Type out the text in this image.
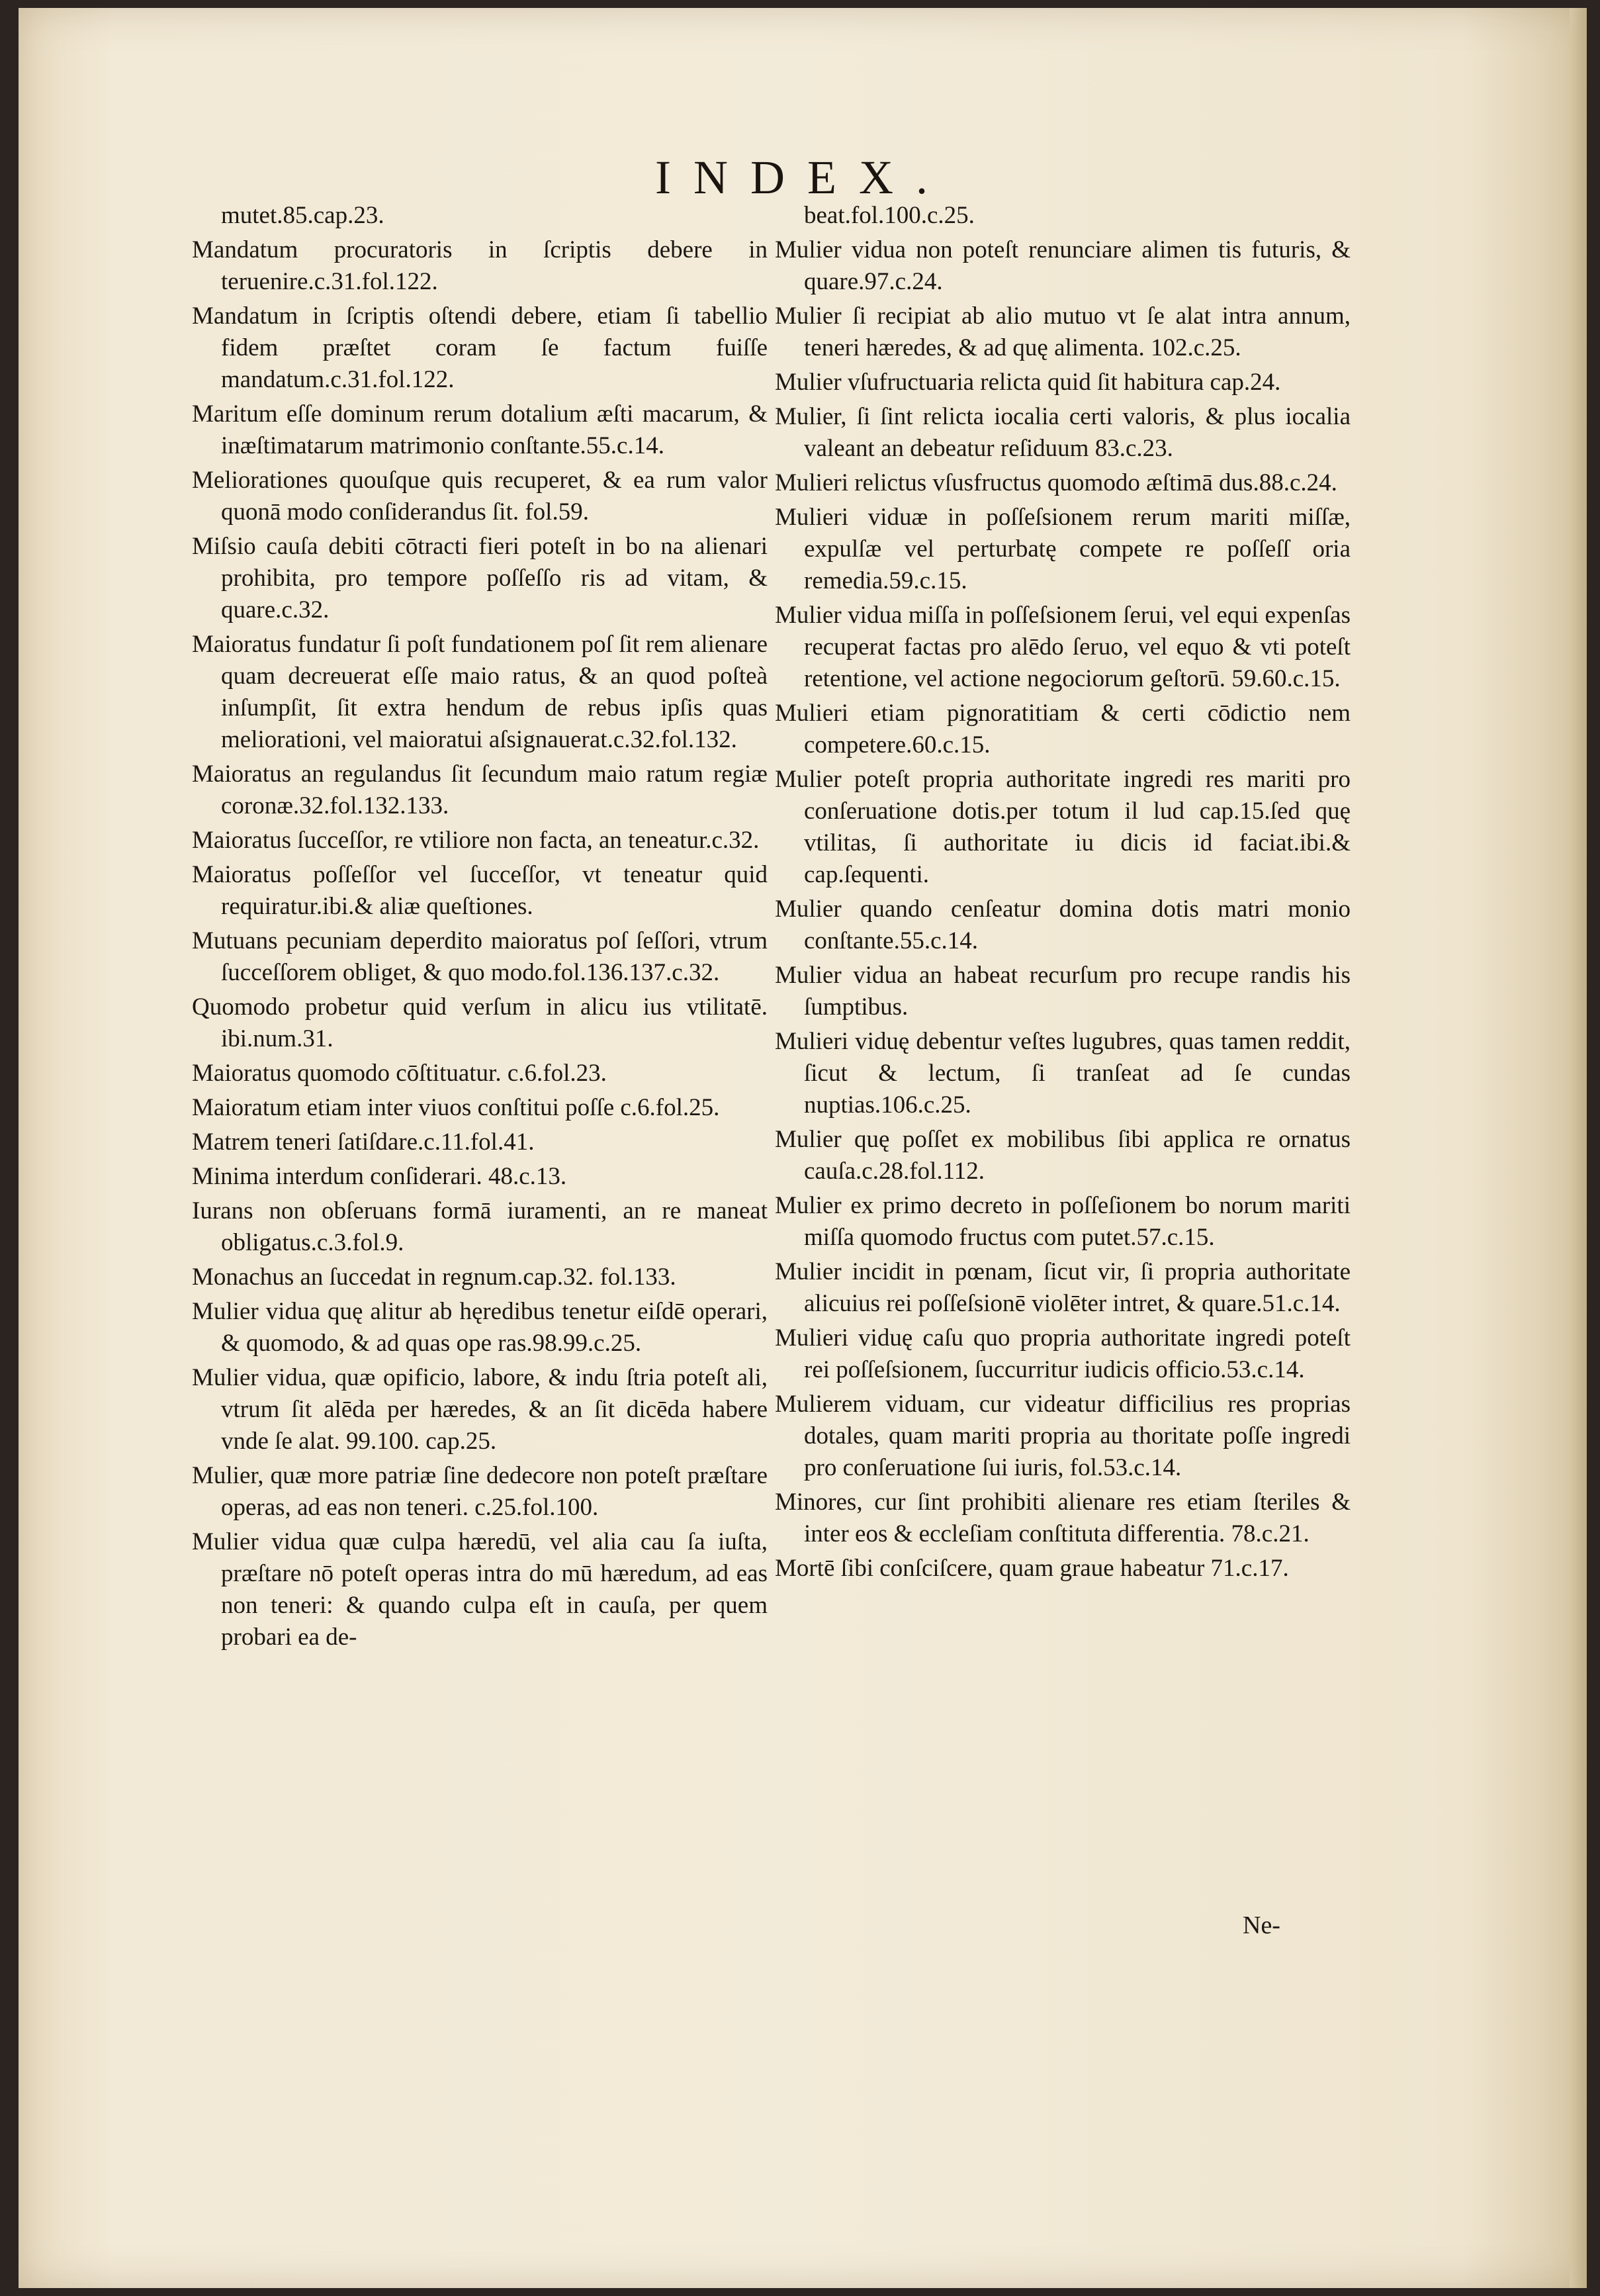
INDEX.

mutet.85.cap.23.

Mandatum procuratoris in ſcriptis debere in teruenire.c.31.fol.122.

Mandatum in ſcriptis oſtendi debere, etiam ſi tabellio fidem præſtet coram ſe factum fuiſſe mandatum.c.31.fol.122.

Maritum eſſe dominum rerum dotalium æſti macarum, & inæſtimatarum matrimonio conſtante.55.c.14.

Meliorationes quouſque quis recuperet, & ea rum valor quonā modo conſiderandus ſit. fol.59.

Miſsio cauſa debiti cōtracti fieri poteſt in bo na alienari prohibita, pro tempore poſſeſſo ris ad vitam, & quare.c.32.

Maioratus fundatur ſi poſt fundationem poſ ſit rem alienare quam decreuerat eſſe maio ratus, & an quod poſteà inſumpſit, ſit extra hendum de rebus ipſis quas meliorationi, vel maioratui aſsignauerat.c.32.fol.132.

Maioratus an regulandus ſit ſecundum maio ratum regiæ coronæ.32.fol.132.133.

Maioratus ſucceſſor, re vtiliore non facta, an teneatur.c.32.

Maioratus poſſeſſor vel ſucceſſor, vt teneatur quid requiratur.ibi.& aliæ queſtiones.

Mutuans pecuniam deperdito maioratus poſ ſeſſori, vtrum ſucceſſorem obliget, & quo modo.fol.136.137.c.32.

Quomodo probetur quid verſum in alicu ius vtilitatē. ibi.num.31.

Maioratus quomodo cōſtituatur. c.6.fol.23.

Maioratum etiam inter viuos conſtitui poſſe c.6.fol.25.

Matrem teneri ſatiſdare.c.11.fol.41.

Minima interdum conſiderari. 48.c.13.

Iurans non obſeruans formā iuramenti, an re maneat obligatus.c.3.fol.9.

Monachus an ſuccedat in regnum.cap.32. fol.133.

Mulier vidua quę alitur ab hęredibus tenetur eiſdē operari, & quomodo, & ad quas ope ras.98.99.c.25.

Mulier vidua, quæ opificio, labore, & indu ſtria poteſt ali, vtrum ſit alēda per hæredes, & an ſit dicēda habere vnde ſe alat. 99.100. cap.25.

Mulier, quæ more patriæ ſine dedecore non poteſt præſtare operas, ad eas non teneri. c.25.fol.100.

Mulier vidua quæ culpa hæredū, vel alia cau ſa iuſta, præſtare nō poteſt operas intra do mū hæredum, ad eas non teneri: & quando culpa eſt in cauſa, per quem probari ea de-

beat.fol.100.c.25.

Mulier vidua non poteſt renunciare alimen tis futuris, & quare.97.c.24.

Mulier ſi recipiat ab alio mutuo vt ſe alat intra annum, teneri hæredes, & ad quę alimenta. 102.c.25.

Mulier vſufructuaria relicta quid ſit habitura cap.24.

Mulier, ſi ſint relicta iocalia certi valoris, & plus iocalia valeant an debeatur reſiduum 83.c.23.

Mulieri relictus vſusfructus quomodo æſtimā dus.88.c.24.

Mulieri viduæ in poſſeſsionem rerum mariti miſſæ, expulſæ vel perturbatę compete re poſſeſſ oria remedia.59.c.15.

Mulier vidua miſſa in poſſeſsionem ſerui, vel equi expenſas recuperat factas pro alēdo ſeruo, vel equo & vti poteſt retentione, vel actione negociorum geſtorū. 59.60.c.15.

Mulieri etiam pignoratitiam & certi cōdictio nem competere.60.c.15.

Mulier poteſt propria authoritate ingredi res mariti pro conſeruatione dotis.per totum il lud cap.15.ſed quę vtilitas, ſi authoritate iu dicis id faciat.ibi.& cap.ſequenti.

Mulier quando cenſeatur domina dotis matri monio conſtante.55.c.14.

Mulier vidua an habeat recurſum pro recupe randis his ſumptibus.

Mulieri viduę debentur veſtes lugubres, quas tamen reddit, ſicut & lectum, ſi tranſeat ad ſe cundas nuptias.106.c.25.

Mulier quę poſſet ex mobilibus ſibi applica re ornatus cauſa.c.28.fol.112.

Mulier ex primo decreto in poſſeſionem bo norum mariti miſſa quomodo fructus com putet.57.c.15.

Mulier incidit in pœnam, ſicut vir, ſi propria authoritate alicuius rei poſſeſsionē violēter intret, & quare.51.c.14.

Mulieri viduę caſu quo propria authoritate ingredi poteſt rei poſſeſsionem, ſuccurritur iudicis officio.53.c.14.

Mulierem viduam, cur videatur difficilius res proprias dotales, quam mariti propria au thoritate poſſe ingredi pro conſeruatione ſui iuris, fol.53.c.14.

Minores, cur ſint prohibiti alienare res etiam ſteriles & inter eos & eccleſiam conſtituta differentia. 78.c.21.

Mortē ſibi conſciſcere, quam graue habeatur 71.c.17.

Ne-
